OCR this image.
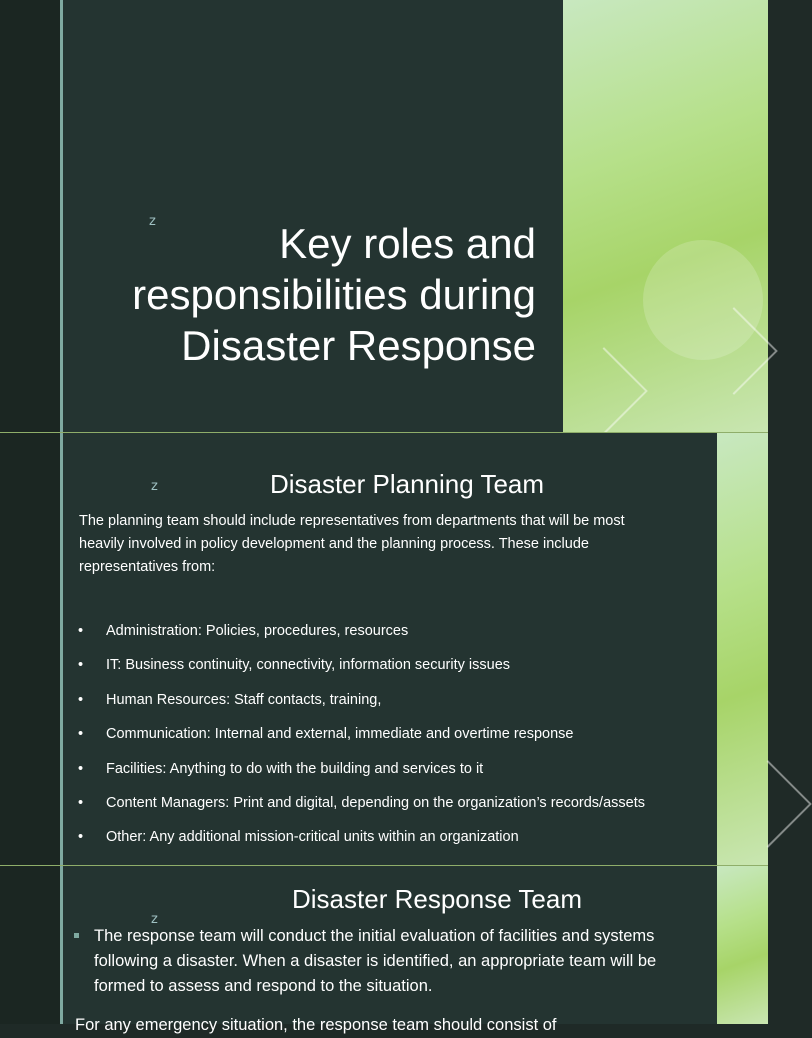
z	Key roles and
responsibilities during
Disaster Response
z	Disaster Planning Team
The planning team should include representatives from departments that will be most
heavily involved in policy development and the planning process. These include
representatives from:
• Administration: Policies, procedures, resources
• IT: Business continuity, connectivity, information security issues
• Human Resources: Staff contacts, training,
• Communication: Internal and external, immediate and overtime response
• Facilities: Anything to do with the building and services to it
• Content Managers: Print and digital, depending on the organization’s records/assets
• Other: Any additional mission-critical units within an organization
z
Disaster Response Team
The response team will conduct the initial evaluation of facilities and systems
following a disaster. When a disaster is identified, an appropriate team will be
formed to assess and respond to the situation.
For any emergency situation, the response team should consist of
